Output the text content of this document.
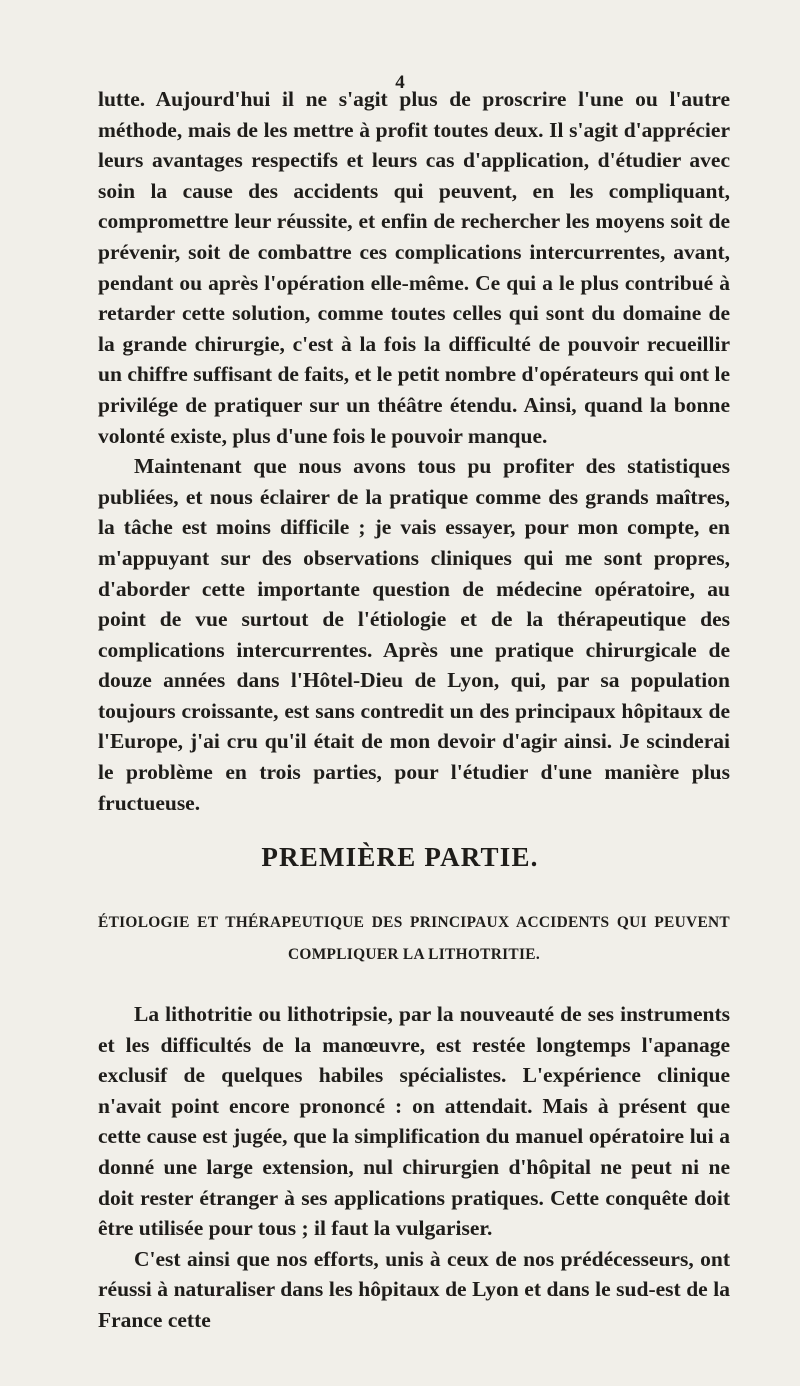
4

lutte. Aujourd'hui il ne s'agit plus de proscrire l'une ou l'autre méthode, mais de les mettre à profit toutes deux. Il s'agit d'apprécier leurs avantages respectifs et leurs cas d'application, d'étudier avec soin la cause des accidents qui peuvent, en les compliquant, compromettre leur réussite, et enfin de rechercher les moyens soit de prévenir, soit de combattre ces complications intercurrentes, avant, pendant ou après l'opération elle-même. Ce qui a le plus contribué à retarder cette solution, comme toutes celles qui sont du domaine de la grande chirurgie, c'est à la fois la difficulté de pouvoir recueillir un chiffre suffisant de faits, et le petit nombre d'opérateurs qui ont le privilége de pratiquer sur un théâtre étendu. Ainsi, quand la bonne volonté existe, plus d'une fois le pouvoir manque.

Maintenant que nous avons tous pu profiter des statistiques publiées, et nous éclairer de la pratique comme des grands maîtres, la tâche est moins difficile ; je vais essayer, pour mon compte, en m'appuyant sur des observations cliniques qui me sont propres, d'aborder cette importante question de médecine opératoire, au point de vue surtout de l'étiologie et de la thérapeutique des complications intercurrentes. Après une pratique chirurgicale de douze années dans l'Hôtel-Dieu de Lyon, qui, par sa population toujours croissante, est sans contredit un des principaux hôpitaux de l'Europe, j'ai cru qu'il était de mon devoir d'agir ainsi. Je scinderai le problème en trois parties, pour l'étudier d'une manière plus fructueuse.

PREMIÈRE PARTIE.
ÉTIOLOGIE ET THÉRAPEUTIQUE DES PRINCIPAUX ACCIDENTS QUI PEUVENT
COMPLIQUER LA LITHOTRITIE.

La lithotritie ou lithotripsie, par la nouveauté de ses instruments et les difficultés de la manœuvre, est restée longtemps l'apanage exclusif de quelques habiles spécialistes. L'expérience clinique n'avait point encore prononcé : on attendait. Mais à présent que cette cause est jugée, que la simplification du manuel opératoire lui a donné une large extension, nul chirurgien d'hôpital ne peut ni ne doit rester étranger à ses applications pratiques. Cette conquête doit être utilisée pour tous ; il faut la vulgariser.

C'est ainsi que nos efforts, unis à ceux de nos prédécesseurs, ont réussi à naturaliser dans les hôpitaux de Lyon et dans le sud-est de la France cette
